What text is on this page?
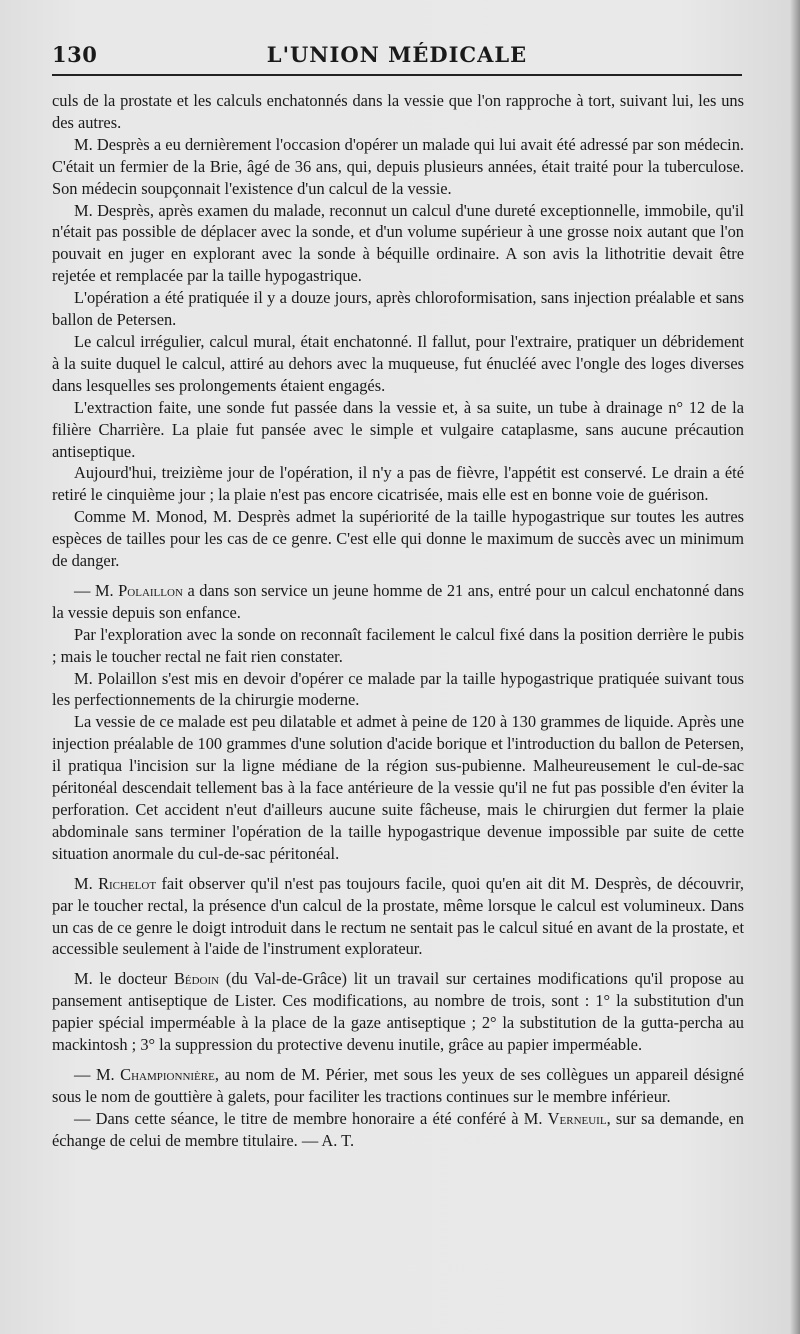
130	L'UNION MÉDICALE

culs de la prostate et les calculs enchatonnés dans la vessie que l'on rapproche à tort, suivant lui, les uns des autres.

M. Desprès a eu dernièrement l'occasion d'opérer un malade qui lui avait été adressé par son médecin. C'était un fermier de la Brie, âgé de 36 ans, qui, depuis plusieurs années, était traité pour la tuberculose. Son médecin soupçonnait l'existence d'un calcul de la vessie.

M. Desprès, après examen du malade, reconnut un calcul d'une dureté exceptionnelle, immobile, qu'il n'était pas possible de déplacer avec la sonde, et d'un volume supérieur à une grosse noix autant que l'on pouvait en juger en explorant avec la sonde à béquille ordinaire. A son avis la lithotritie devait être rejetée et remplacée par la taille hypogastrique.

L'opération a été pratiquée il y a douze jours, après chloroformisation, sans injection préalable et sans ballon de Petersen.

Le calcul irrégulier, calcul mural, était enchatonné. Il fallut, pour l'extraire, pratiquer un débridement à la suite duquel le calcul, attiré au dehors avec la muqueuse, fut énucléé avec l'ongle des loges diverses dans lesquelles ses prolongements étaient engagés.

L'extraction faite, une sonde fut passée dans la vessie et, à sa suite, un tube à drainage n° 12 de la filière Charrière. La plaie fut pansée avec le simple et vulgaire cataplasme, sans aucune précaution antiseptique.

Aujourd'hui, treizième jour de l'opération, il n'y a pas de fièvre, l'appétit est conservé. Le drain a été retiré le cinquième jour ; la plaie n'est pas encore cicatrisée, mais elle est en bonne voie de guérison.

Comme M. Monod, M. Desprès admet la supériorité de la taille hypogastrique sur toutes les autres espèces de tailles pour les cas de ce genre. C'est elle qui donne le maximum de succès avec un minimum de danger.

— M. Polaillon a dans son service un jeune homme de 21 ans, entré pour un calcul enchatonné dans la vessie depuis son enfance.

Par l'exploration avec la sonde on reconnaît facilement le calcul fixé dans la position derrière le pubis ; mais le toucher rectal ne fait rien constater.

M. Polaillon s'est mis en devoir d'opérer ce malade par la taille hypogastrique pratiquée suivant tous les perfectionnements de la chirurgie moderne.

La vessie de ce malade est peu dilatable et admet à peine de 120 à 130 grammes de liquide. Après une injection préalable de 100 grammes d'une solution d'acide borique et l'introduction du ballon de Petersen, il pratiqua l'incision sur la ligne médiane de la région sus-pubienne. Malheureusement le cul-de-sac péritonéal descendait tellement bas à la face antérieure de la vessie qu'il ne fut pas possible d'en éviter la perforation. Cet accident n'eut d'ailleurs aucune suite fâcheuse, mais le chirurgien dut fermer la plaie abdominale sans terminer l'opération de la taille hypogastrique devenue impossible par suite de cette situation anormale du cul-de-sac péritonéal.

M. Richelot fait observer qu'il n'est pas toujours facile, quoi qu'en ait dit M. Desprès, de découvrir, par le toucher rectal, la présence d'un calcul de la prostate, même lorsque le calcul est volumineux. Dans un cas de ce genre le doigt introduit dans le rectum ne sentait pas le calcul situé en avant de la prostate, et accessible seulement à l'aide de l'instrument explorateur.

M. le docteur Bédoin (du Val-de-Grâce) lit un travail sur certaines modifications qu'il propose au pansement antiseptique de Lister. Ces modifications, au nombre de trois, sont : 1° la substitution d'un papier spécial imperméable à la place de la gaze antiseptique ; 2° la substitution de la gutta-percha au mackintosh ; 3° la suppression du protective devenu inutile, grâce au papier imperméable.

— M. Championnière, au nom de M. Périer, met sous les yeux de ses collègues un appareil désigné sous le nom de gouttière à galets, pour faciliter les tractions continues sur le membre inférieur.

— Dans cette séance, le titre de membre honoraire a été conféré à M. Verneuil, sur sa demande, en échange de celui de membre titulaire. — A. T.
